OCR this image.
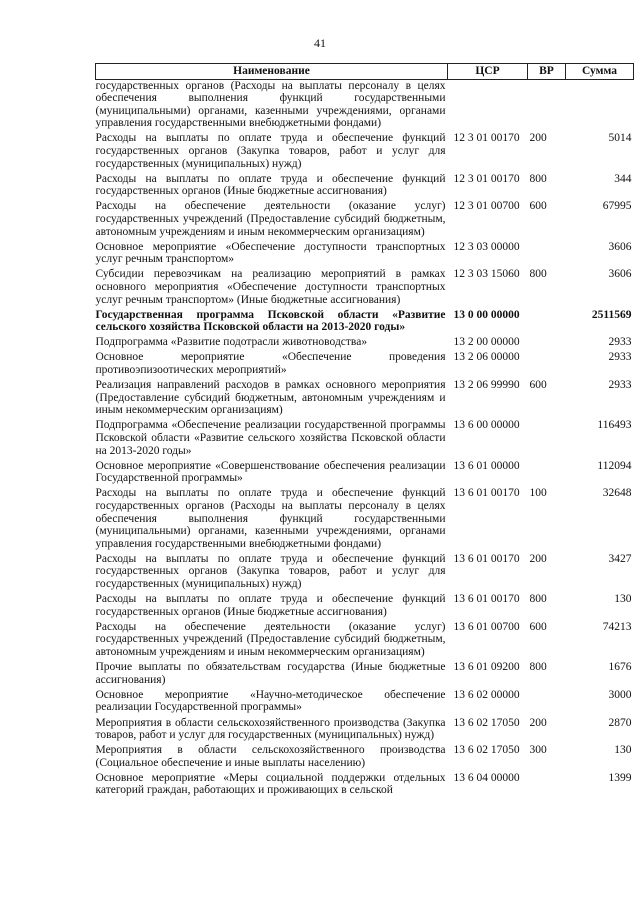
41
Наименование	ЦСР	ВР	Сумма
государственных органов (Расходы на выплаты персоналу в целях обеспечения выполнения функций государственными (муниципальными) органами, казенными учреждениями, органами управления государственными внебюджетными фондами)			
Расходы на выплаты по оплате труда и обеспечение функций государственных органов (Закупка товаров, работ и услуг для государственных (муниципальных) нужд)	12 3 01 00170	200	5014
Расходы на выплаты по оплате труда и обеспечение функций государственных органов (Иные бюджетные ассигнования)	12 3 01 00170	800	344
Расходы на обеспечение деятельности (оказание услуг) государственных учреждений (Предоставление субсидий бюджетным, автономным учреждениям и иным некоммерческим организациям)	12 3 01 00700	600	67995
Основное мероприятие «Обеспечение доступности транспортных услуг речным транспортом»	12 3 03 00000		3606
Субсидии перевозчикам на реализацию мероприятий в рамках основного мероприятия «Обеспечение доступности транспортных услуг речным транспортом» (Иные бюджетные ассигнования)	12 3 03 15060	800	3606
Государственная программа Псковской области «Развитие сельского хозяйства Псковской области на 2013-2020 годы»	13 0 00 00000		2511569
Подпрограмма «Развитие подотрасли животноводства»	13 2 00 00000		2933
Основное мероприятие «Обеспечение проведения противоэпизоотических мероприятий»	13 2 06 00000		2933
Реализация направлений расходов в рамках основного мероприятия (Предоставление субсидий бюджетным, автономным учреждениям и иным некоммерческим организациям)	13 2 06 99990	600	2933
Подпрограмма «Обеспечение реализации государственной программы Псковской области «Развитие сельского хозяйства Псковской области на 2013-2020 годы»	13 6 00 00000		116493
Основное мероприятие «Совершенствование обеспечения реализации Государственной программы»	13 6 01 00000		112094
Расходы на выплаты по оплате труда и обеспечение функций государственных органов (Расходы на выплаты персоналу в целях обеспечения выполнения функций государственными (муниципальными) органами, казенными учреждениями, органами управления государственными внебюджетными фондами)	13 6 01 00170	100	32648
Расходы на выплаты по оплате труда и обеспечение функций государственных органов (Закупка товаров, работ и услуг для государственных (муниципальных) нужд)	13 6 01 00170	200	3427
Расходы на выплаты по оплате труда и обеспечение функций государственных органов (Иные бюджетные ассигнования)	13 6 01 00170	800	130
Расходы на обеспечение деятельности (оказание услуг) государственных учреждений (Предоставление субсидий бюджетным, автономным учреждениям и иным некоммерческим организациям)	13 6 01 00700	600	74213
Прочие выплаты по обязательствам государства (Иные бюджетные ассигнования)	13 6 01 09200	800	1676
Основное мероприятие «Научно-методическое обеспечение реализации Государственной программы»	13 6 02 00000		3000
Мероприятия в области сельскохозяйственного производства (Закупка товаров, работ и услуг для государственных (муниципальных) нужд)	13 6 02 17050	200	2870
Мероприятия в области сельскохозяйственного производства (Социальное обеспечение и иные выплаты населению)	13 6 02 17050	300	130
Основное мероприятие «Меры социальной поддержки отдельных категорий граждан, работающих и проживающих в сельской	13 6 04 00000		1399
